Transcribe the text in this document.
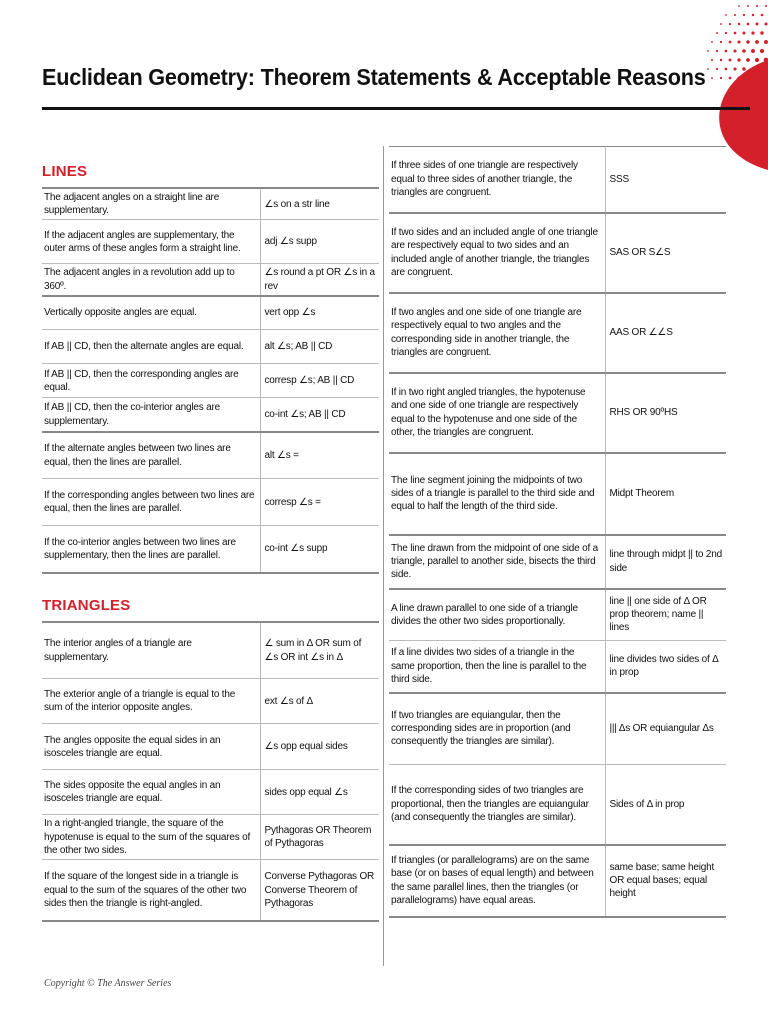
Euclidean Geometry: Theorem Statements & Acceptable Reasons
LINES
The adjacent angles on a straight line are supplementary.	∠s on a str line
If the adjacent angles are supplementary, the outer arms of these angles form a straight line.	adj ∠s supp
The adjacent angles in a revolution add up to 360º.	∠s round a pt OR ∠s in a rev
Vertically opposite angles are equal.	vert opp ∠s
If AB || CD, then the alternate angles are equal.	alt ∠s; AB || CD
If AB || CD, then the corresponding angles are equal.	corresp ∠s; AB || CD
If AB || CD, then the co-interior angles are supplementary.	co-int ∠s; AB || CD
If the alternate angles between two lines are equal, then the lines are parallel.	alt ∠s =
If the corresponding angles between two lines are equal, then the lines are parallel.	corresp ∠s =
If the co-interior angles between two lines are supplementary, then the lines are parallel.	co-int ∠s supp
TRIANGLES
The interior angles of a triangle are supplementary.	∠ sum in Δ OR sum of ∠s OR int ∠s in Δ
The exterior angle of a triangle is equal to the sum of the interior opposite angles.	ext ∠s of Δ
The angles opposite the equal sides in an isosceles triangle are equal.	∠s opp equal sides
The sides opposite the equal angles in an isosceles triangle are equal.	sides opp equal ∠s
In a right-angled triangle, the square of the hypotenuse is equal to the sum of the squares of the other two sides.	Pythagoras OR Theorem of Pythagoras
If the square of the longest side in a triangle is equal to the sum of the squares of the other two sides then the triangle is right-angled.	Converse Pythagoras OR Converse Theorem of Pythagoras
If three sides of one triangle are respectively equal to three sides of another triangle, the triangles are congruent.	SSS
If two sides and an included angle of one triangle are respectively equal to two sides and an included angle of another triangle, the triangles are congruent.	SAS OR S∠S
If two angles and one side of one triangle are respectively equal to two angles and the corresponding side in another triangle, the triangles are congruent.	AAS OR ∠∠S
If in two right angled triangles, the hypotenuse and one side of one triangle are respectively equal to the hypotenuse and one side of the other, the triangles are congruent.	RHS OR 90ºHS
The line segment joining the midpoints of two sides of a triangle is parallel to the third side and equal to half the length of the third side.	Midpt Theorem
The line drawn from the midpoint of one side of a triangle, parallel to another side, bisects the third side.	line through midpt || to 2nd side
A line drawn parallel to one side of a triangle divides the other two sides proportionally.	line || one side of Δ OR prop theorem; name || lines
If a line divides two sides of a triangle in the same proportion, then the line is parallel to the third side.	line divides two sides of Δ in prop
If two triangles are equiangular, then the corresponding sides are in proportion (and consequently the triangles are similar).	||| Δs OR equiangular Δs
If the corresponding sides of two triangles are proportional, then the triangles are equiangular (and consequently the triangles are similar).	Sides of Δ in prop
If triangles (or parallelograms) are on the same base (or on bases of equal length) and between the same parallel lines, then the triangles (or parallelograms) have equal areas.	same base; same height OR equal bases; equal height
Copyright © The Answer Series
